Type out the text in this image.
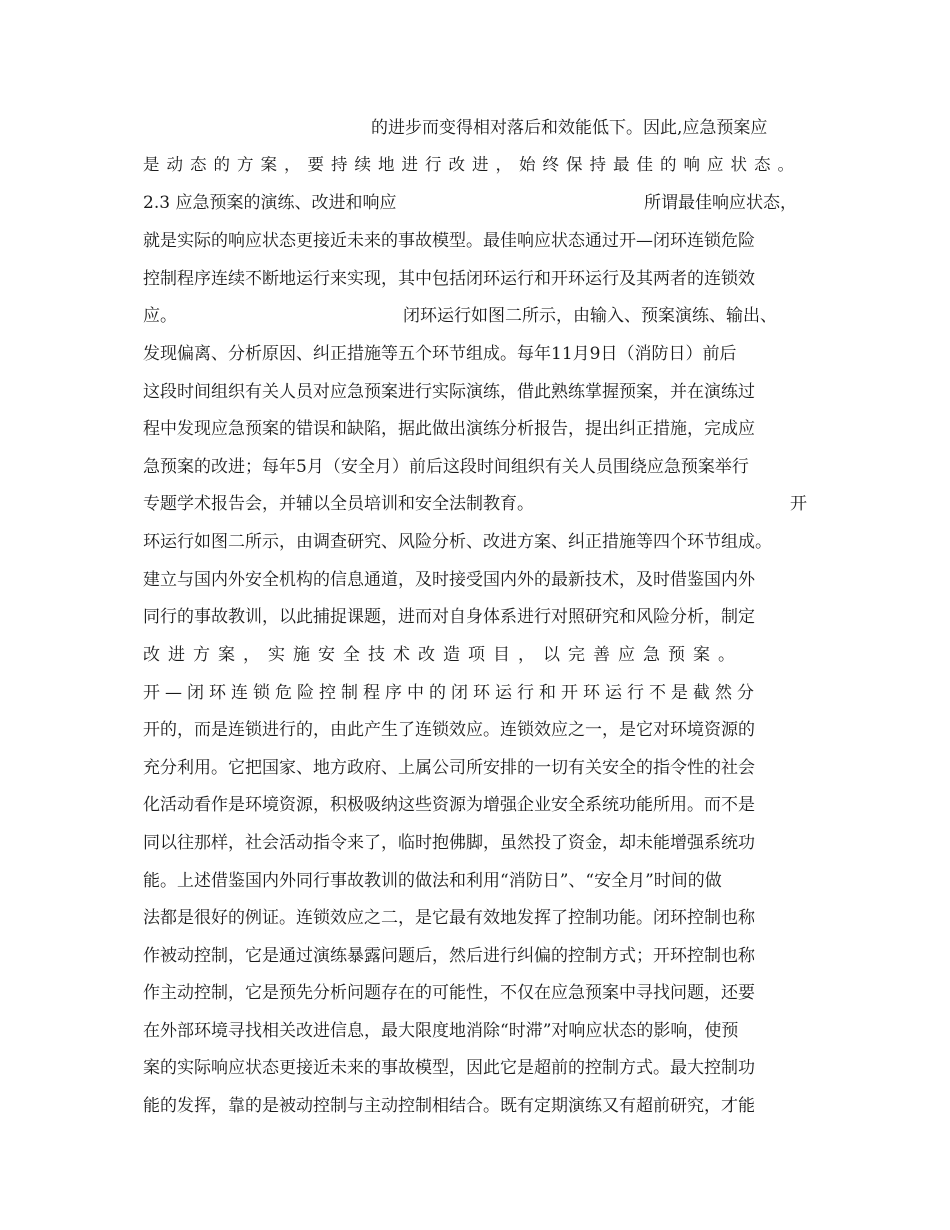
的进步而变得相对落后和效能低下。因此,应急预案应
是动态的方案，要持续地进行改进，始终保持最佳的响应状态。
2.3 应急预案的演练、改进和响应	所谓最佳响应状态，
就是实际的响应状态更接近未来的事故模型。最佳响应状态通过开—闭环连锁危险
控制程序连续不断地运行来实现，其中包括闭环运行和开环运行及其两者的连锁效
应。	闭环运行如图二所示，由输入、预案演练、输出、
发现偏离、分析原因、纠正措施等五个环节组成。每年11月9日（消防日）前后
这段时间组织有关人员对应急预案进行实际演练，借此熟练掌握预案，并在演练过
程中发现应急预案的错误和缺陷，据此做出演练分析报告，提出纠正措施，完成应
急预案的改进；每年5月（安全月）前后这段时间组织有关人员围绕应急预案举行
专题学术报告会，并辅以全员培训和安全法制教育。	开
环运行如图二所示，由调查研究、风险分析、改进方案、纠正措施等四个环节组成。
建立与国内外安全机构的信息通道，及时接受国内外的最新技术，及时借鉴国内外
同行的事故教训，以此捕捉课题，进而对自身体系进行对照研究和风险分析，制定
改进方案，实施安全技术改造项目，以完善应急预案。
开—闭环连锁危险控制程序中的闭环运行和开环运行不是截然分
开的，而是连锁进行的，由此产生了连锁效应。连锁效应之一，是它对环境资源的
充分利用。它把国家、地方政府、上属公司所安排的一切有关安全的指令性的社会
化活动看作是环境资源，积极吸纳这些资源为增强企业安全系统功能所用。而不是
同以往那样，社会活动指令来了，临时抱佛脚，虽然投了资金，却未能增强系统功
能。上述借鉴国内外同行事故教训的做法和利用“消防日”、“安全月”时间的做
法都是很好的例证。连锁效应之二，是它最有效地发挥了控制功能。闭环控制也称
作被动控制，它是通过演练暴露问题后，然后进行纠偏的控制方式；开环控制也称
作主动控制，它是预先分析问题存在的可能性，不仅在应急预案中寻找问题，还要
在外部环境寻找相关改进信息，最大限度地消除“时滞”对响应状态的影响，使预
案的实际响应状态更接近未来的事故模型，因此它是超前的控制方式。最大控制功
能的发挥，靠的是被动控制与主动控制相结合。既有定期演练又有超前研究，才能
